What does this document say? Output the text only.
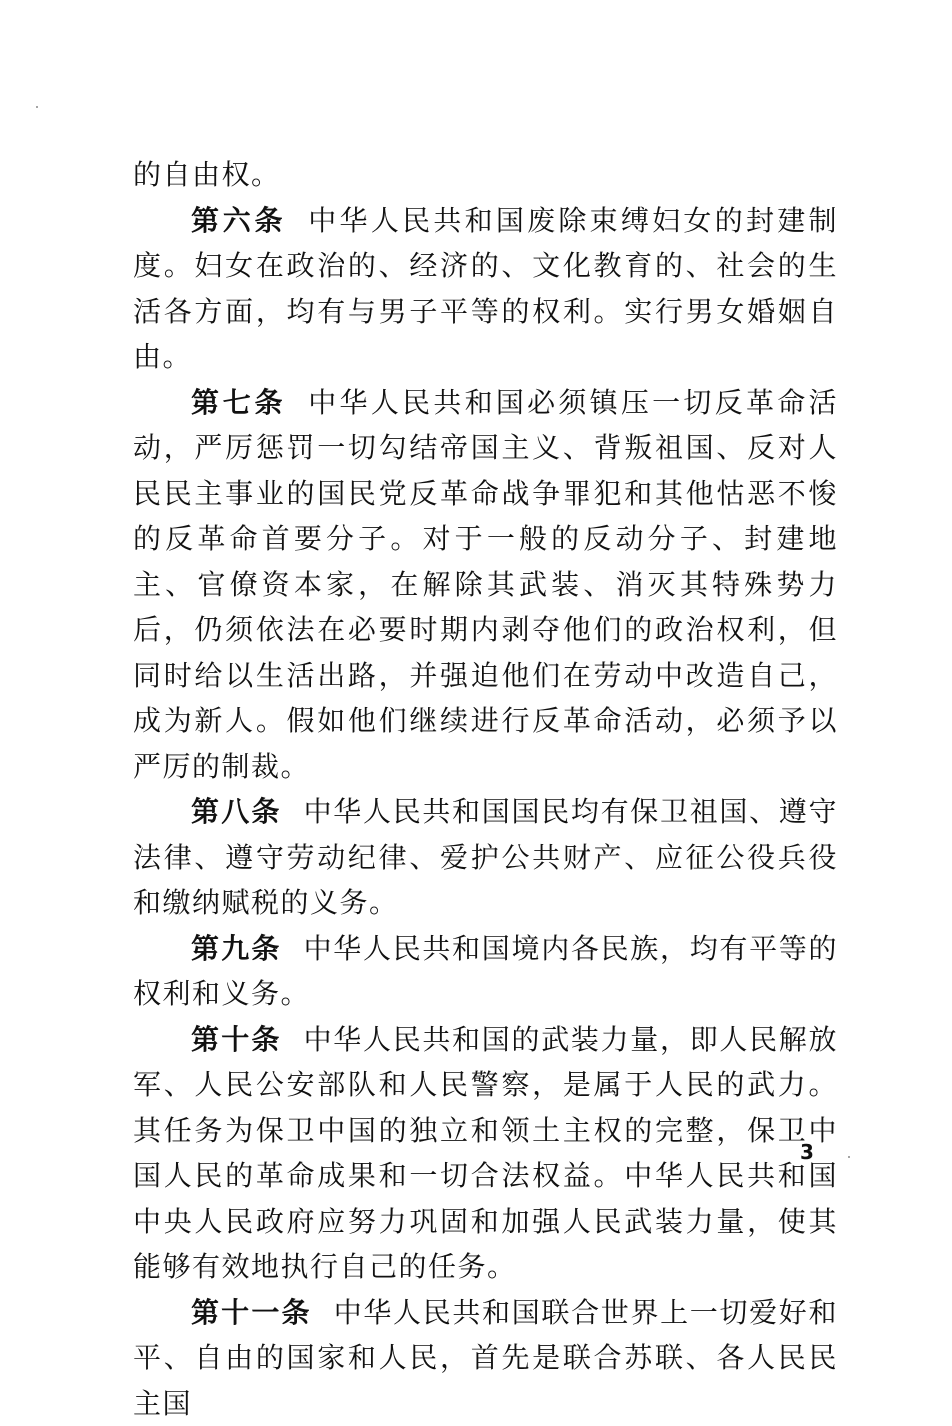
的自由权。

第六条 中华人民共和国废除束缚妇女的封建制度。妇女在政治的、经济的、文化教育的、社会的生活各方面，均有与男子平等的权利。实行男女婚姻自由。

第七条 中华人民共和国必须镇压一切反革命活动，严厉惩罚一切勾结帝国主义、背叛祖国、反对人民民主事业的国民党反革命战争罪犯和其他怙恶不悛的反革命首要分子。对于一般的反动分子、封建地主、官僚资本家，在解除其武装、消灭其特殊势力后，仍须依法在必要时期内剥夺他们的政治权利，但同时给以生活出路，并强迫他们在劳动中改造自己，成为新人。假如他们继续进行反革命活动，必须予以严厉的制裁。

第八条 中华人民共和国国民均有保卫祖国、遵守法律、遵守劳动纪律、爱护公共财产、应征公役兵役和缴纳赋税的义务。

第九条 中华人民共和国境内各民族，均有平等的权利和义务。

第十条 中华人民共和国的武装力量，即人民解放军、人民公安部队和人民警察，是属于人民的武力。其任务为保卫中国的独立和领土主权的完整，保卫中国人民的革命成果和一切合法权益。中华人民共和国中央人民政府应努力巩固和加强人民武装力量，使其能够有效地执行自己的任务。

第十一条 中华人民共和国联合世界上一切爱好和平、自由的国家和人民，首先是联合苏联、各人民民主国

3
